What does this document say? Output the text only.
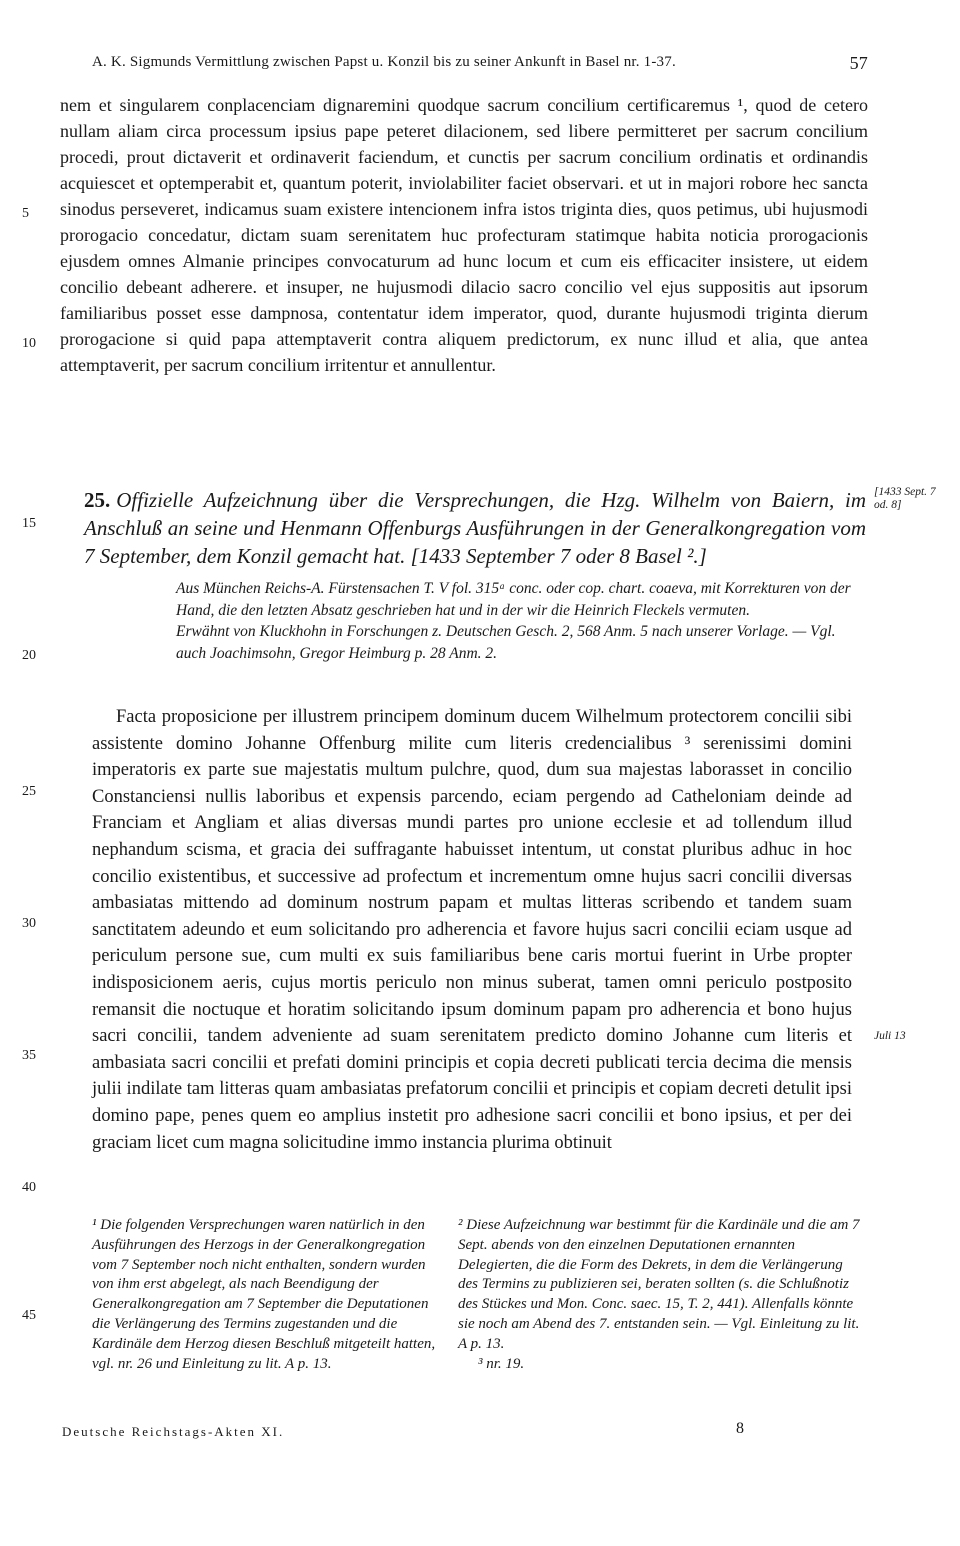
A. K. Sigmunds Vermittlung zwischen Papst u. Konzil bis zu seiner Ankunft in Basel nr. 1-37.	57
nem et singularem conplacenciam dignaremini quodque sacrum concilium certificaremus ¹, quod de cetero nullam aliam circa processum ipsius pape peteret dilacionem, sed libere permitteret per sacrum concilium procedi, prout dictaverit et ordinaverit faciendum, et cunctis per sacrum concilium ordinatis et ordinandis acquiescet et optemperabit et, quantum poterit, inviolabiliter faciet observari. et ut in majori robore hec sancta sinodus perseveret, indicamus suam existere intencionem infra istos triginta dies, quos petimus, ubi hujusmodi prorogacio concedatur, dictam suam serenitatem huc profecturam statimque habita noticia prorogacionis ejusdem omnes Almanie principes convocaturum ad hunc locum et cum eis efficaciter insistere, ut eidem concilio debeant adherere. et insuper, ne hujusmodi dilacio sacro concilio vel ejus suppositis aut ipsorum familiaribus posset esse dampnosa, contentatur idem imperator, quod, durante hujusmodi triginta dierum prorogacione si quid papa attemptaverit contra aliquem predictorum, ex nunc illud et alia, que antea attemptaverit, per sacrum concilium irritentur et annullentur.
25. Offizielle Aufzeichnung über die Versprechungen, die Hzg. Wilhelm von Baiern, im Anschluß an seine und Henmann Offenburgs Ausführungen in der Generalkongregation vom 7 September, dem Konzil gemacht hat. [1433 September 7 oder 8 Basel ².]
[1433 Sept. 7 od. 8]
Aus München Reichs-A. Fürstensachen T. V fol. 315ᵃ conc. oder cop. chart. coaeva, mit Korrekturen von der Hand, die den letzten Absatz geschrieben hat und in der wir die Heinrich Fleckels vermuten.
Erwähnt von Kluckhohn in Forschungen z. Deutschen Gesch. 2, 568 Anm. 5 nach unserer Vorlage. — Vgl. auch Joachimsohn, Gregor Heimburg p. 28 Anm. 2.
Facta proposicione per illustrem principem dominum ducem Wilhelmum protectorem concilii sibi assistente domino Johanne Offenburg milite cum literis credencialibus ³ serenissimi domini imperatoris ex parte sue majestatis multum pulchre, quod, dum sua majestas laborasset in concilio Constanciensi nullis laboribus et expensis parcendo, eciam pergendo ad Catheloniam deinde ad Franciam et Angliam et alias diversas mundi partes pro unione ecclesie et ad tollendum illud nephandum scisma, et gracia dei suffragante habuisset intentum, ut constat pluribus adhuc in hoc concilio existentibus, et successive ad profectum et incrementum omne hujus sacri concilii diversas ambasiatas mittendo ad dominum nostrum papam et multas litteras scribendo et tandem suam sanctitatem adeundo et eum solicitando pro adherencia et favore hujus sacri concilii eciam usque ad periculum persone sue, cum multi ex suis familiaribus bene caris mortui fuerint in Urbe propter indisposicionem aeris, cujus mortis periculo non minus suberat, tamen omni periculo postposito remansit die noctuque et horatim solicitando ipsum dominum papam pro adherencia et bono hujus sacri concilii, tandem adveniente ad suam serenitatem predicto domino Johanne cum literis et ambasiata sacri concilii et prefati domini principis et copia decreti publicati tercia decima die mensis julii indilate tam litteras quam ambasiatas prefatorum concilii et principis et copiam decreti detulit ipsi domino pape, penes quem eo amplius instetit pro adhesione sacri concilii et bono ipsius, et per dei graciam licet cum magna solicitudine immo instancia plurima obtinuit
Juli 13
5
10
15
20
25
30
35
40
45
¹ Die folgenden Versprechungen waren natürlich in den Ausführungen des Herzogs in der Generalkongregation vom 7 September noch nicht enthalten, sondern wurden von ihm erst abgelegt, als nach Beendigung der Generalkongregation am 7 September die Deputationen die Verlängerung des Termins zugestanden und die Kardinäle dem Herzog diesen Beschluß mitgeteilt hatten, vgl. nr. 26 und Einleitung zu lit. A p. 13.
² Diese Aufzeichnung war bestimmt für die Kardinäle und die am 7 Sept. abends von den einzelnen Deputationen ernannten Delegierten, die die Form des Dekrets, in dem die Verlängerung des Termins zu publizieren sei, beraten sollten (s. die Schlußnotiz des Stückes und Mon. Conc. saec. 15, T. 2, 441). Allenfalls könnte sie noch am Abend des 7. entstanden sein. — Vgl. Einleitung zu lit. A p. 13.
³ nr. 19.
Deutsche Reichstags-Akten XI.	8
